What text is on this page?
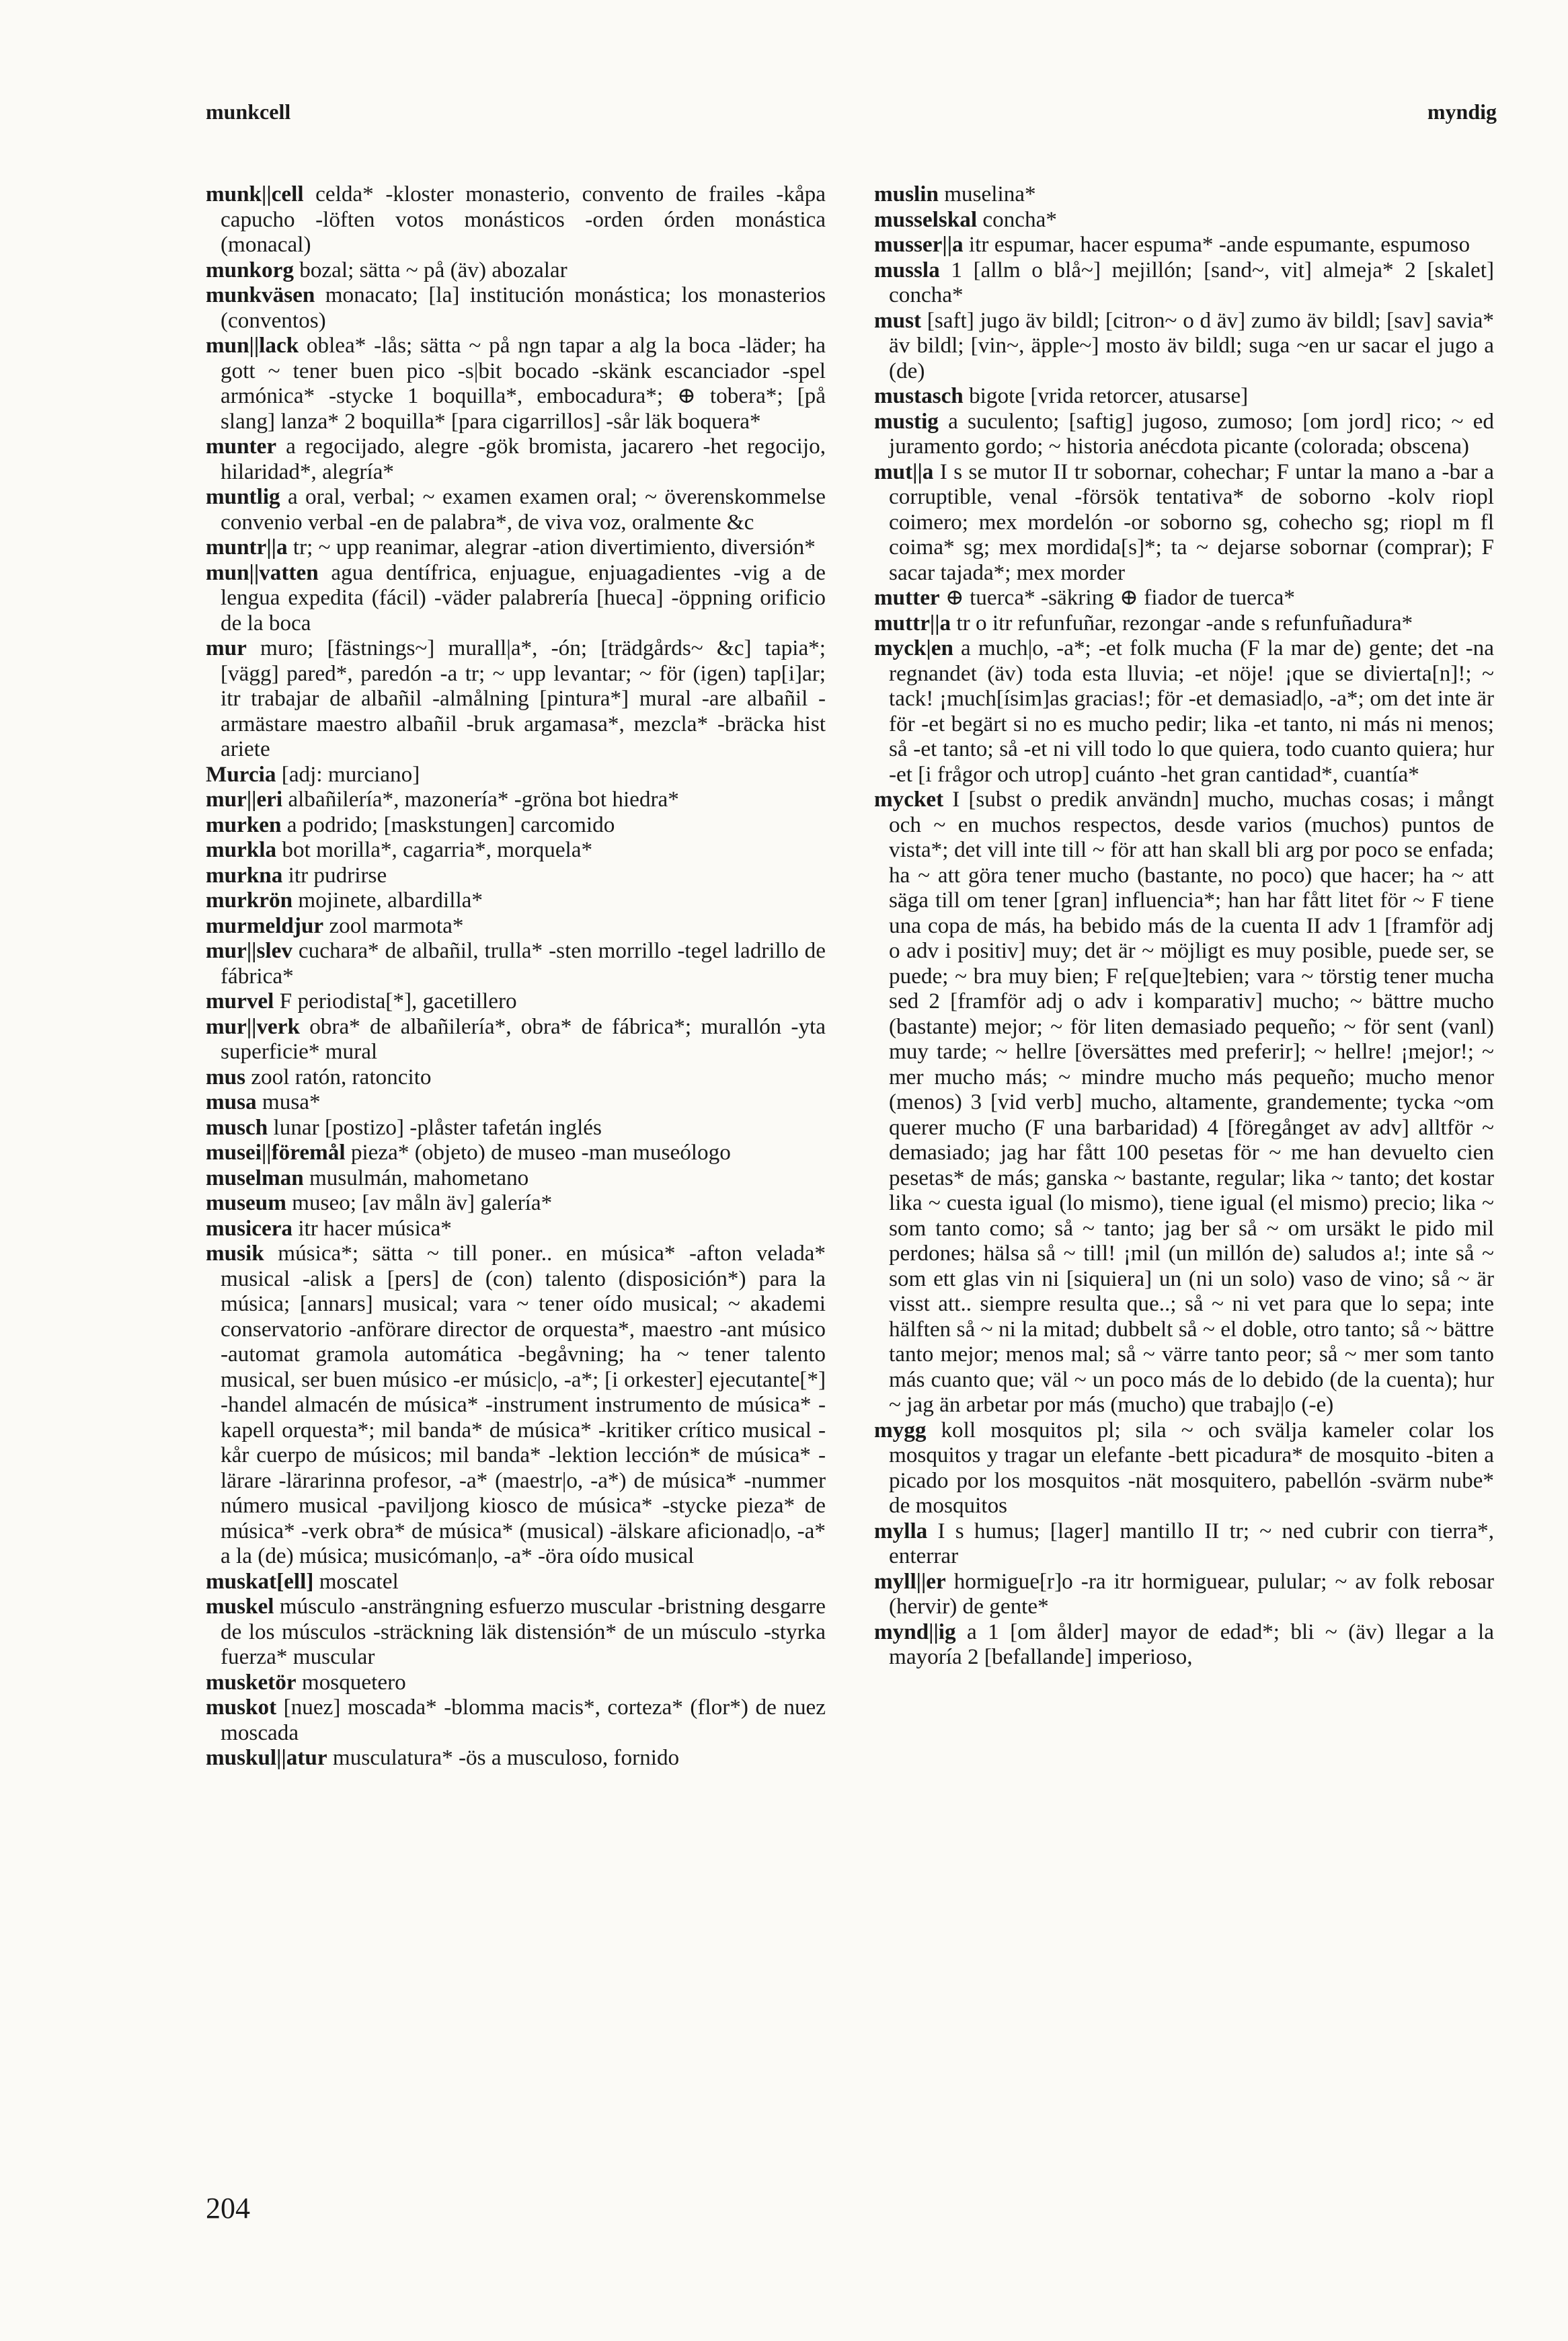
munkcell	myndig

munk||cell celda* -kloster monasterio, convento de frailes -kåpa capucho -löften votos monásticos -orden órden monástica (monacal)

munkorg bozal; sätta ~ på (äv) abozalar

munkväsen monacato; [la] institución monástica; los monasterios (conventos)

mun||lack oblea* -lås; sätta ~ på ngn tapar a alg la boca -läder; ha gott ~ tener buen pico -s|bit bocado -skänk escanciador -spel armónica* -stycke 1 boquilla*, embocadura*; ⊕ tobera*; [på slang] lanza* 2 boquilla* [para cigarrillos] -sår läk boquera*

munter a regocijado, alegre -gök bromista, jacarero -het regocijo, hilaridad*, alegría*

muntlig a oral, verbal; ~ examen examen oral; ~ överenskommelse convenio verbal -en de palabra*, de viva voz, oralmente &c

muntr||a tr; ~ upp reanimar, alegrar -ation divertimiento, diversión*

mun||vatten agua dentífrica, enjuague, enjuagadientes -vig a de lengua expedita (fácil) -väder palabrería [hueca] -öppning orificio de la boca

mur muro; [fästnings~] murall|a*, -ón; [trädgårds~ &c] tapia*; [vägg] pared*, paredón -a tr; ~ upp levantar; ~ för (igen) tap[i]ar; itr trabajar de albañil -almålning [pintura*] mural -are albañil -armästare maestro albañil -bruk argamasa*, mezcla* -bräcka hist ariete

Murcia [adj: murciano]

mur||eri albañilería*, mazonería* -gröna bot hiedra*

murken a podrido; [maskstungen] carcomido

murkla bot morilla*, cagarria*, morquela*

murkna itr pudrirse

murkrön mojinete, albardilla*

murmeldjur zool marmota*

mur||slev cuchara* de albañil, trulla* -sten morrillo -tegel ladrillo de fábrica*

murvel F periodista[*], gacetillero

mur||verk obra* de albañilería*, obra* de fábrica*; murallón -yta superficie* mural

mus zool ratón, ratoncito

musa musa*

musch lunar [postizo] -plåster tafetán inglés

musei||föremål pieza* (objeto) de museo -man museólogo

muselman musulmán, mahometano

museum museo; [av måln äv] galería*

musicera itr hacer música*

musik música*; sätta ~ till poner.. en música* -afton velada* musical -alisk a [pers] de (con) talento (disposición*) para la música; [annars] musical; vara ~ tener oído musical; ~ akademi conservatorio -anförare director de orquesta*, maestro -ant músico -automat gramola automática -begåvning; ha ~ tener talento musical, ser buen músico -er músic|o, -a*; [i orkester] ejecutante[*] -handel almacén de música* -instrument instrumento de música* -kapell orquesta*; mil banda* de música* -kritiker crítico musical -kår cuerpo de músicos; mil banda* -lektion lección* de música* -lärare -lärarinna profesor, -a* (maestr|o, -a*) de música* -nummer número musical -paviljong kiosco de música* -stycke pieza* de música* -verk obra* de música* (musical) -älskare aficionad|o, -a* a la (de) música; musicóman|o, -a* -öra oído musical

muskat[ell] moscatel

muskel músculo -ansträngning esfuerzo muscular -bristning desgarre de los músculos -sträckning läk distensión* de un músculo -styrka fuerza* muscular

musketör mosquetero

muskot [nuez] moscada* -blomma macis*, corteza* (flor*) de nuez moscada

muskul||atur musculatura* -ös a musculoso, fornido

muslin muselina*

musselskal concha*

musser||a itr espumar, hacer espuma* -ande espumante, espumoso

mussla 1 [allm o blå~] mejillón; [sand~, vit] almeja* 2 [skalet] concha*

must [saft] jugo äv bildl; [citron~ o d äv] zumo äv bildl; [sav] savia* äv bildl; [vin~, äpple~] mosto äv bildl; suga ~en ur sacar el jugo a (de)

mustasch bigote [vrida retorcer, atusarse]

mustig a suculento; [saftig] jugoso, zumoso; [om jord] rico; ~ ed juramento gordo; ~ historia anécdota picante (colorada; obscena)

mut||a I s se mutor II tr sobornar, cohechar; F untar la mano a -bar a corruptible, venal -försök tentativa* de soborno -kolv riopl coimero; mex mordelón -or soborno sg, cohecho sg; riopl m fl coima* sg; mex mordida[s]*; ta ~ dejarse sobornar (comprar); F sacar tajada*; mex morder

mutter ⊕ tuerca* -säkring ⊕ fiador de tuerca*

muttr||a tr o itr refunfuñar, rezongar -ande s refunfuñadura*

myck|en a much|o, -a*; -et folk mucha (F la mar de) gente; det -na regnandet (äv) toda esta lluvia; -et nöje! ¡que se divierta[n]!; ~ tack! ¡much[ísim]as gracias!; för -et demasiad|o, -a*; om det inte är för -et begärt si no es mucho pedir; lika -et tanto, ni más ni menos; så -et tanto; så -et ni vill todo lo que quiera, todo cuanto quiera; hur -et [i frågor och utrop] cuánto -het gran cantidad*, cuantía*

mycket I [subst o predik användn] mucho, muchas cosas; i mångt och ~ en muchos respectos, desde varios (muchos) puntos de vista*; det vill inte till ~ för att han skall bli arg por poco se enfada; ha ~ att göra tener mucho (bastante, no poco) que hacer; ha ~ att säga till om tener [gran] influencia*; han har fått litet för ~ F tiene una copa de más, ha bebido más de la cuenta II adv 1 [framför adj o adv i positiv] muy; det är ~ möjligt es muy posible, puede ser, se puede; ~ bra muy bien; F re[que]tebien; vara ~ törstig tener mucha sed 2 [framför adj o adv i komparativ] mucho; ~ bättre mucho (bastante) mejor; ~ för liten demasiado pequeño; ~ för sent (vanl) muy tarde; ~ hellre [översättes med preferir]; ~ hellre! ¡mejor!; ~ mer mucho más; ~ mindre mucho más pequeño; mucho menor (menos) 3 [vid verb] mucho, altamente, grandemente; tycka ~om querer mucho (F una barbaridad) 4 [föregånget av adv] alltför ~ demasiado; jag har fått 100 pesetas för ~ me han devuelto cien pesetas* de más; ganska ~ bastante, regular; lika ~ tanto; det kostar lika ~ cuesta igual (lo mismo), tiene igual (el mismo) precio; lika ~ som tanto como; så ~ tanto; jag ber så ~ om ursäkt le pido mil perdones; hälsa så ~ till! ¡mil (un millón de) saludos a!; inte så ~ som ett glas vin ni [siquiera] un (ni un solo) vaso de vino; så ~ är visst att.. siempre resulta que..; så ~ ni vet para que lo sepa; inte hälften så ~ ni la mitad; dubbelt så ~ el doble, otro tanto; så ~ bättre tanto mejor; menos mal; så ~ värre tanto peor; så ~ mer som tanto más cuanto que; väl ~ un poco más de lo debido (de la cuenta); hur ~ jag än arbetar por más (mucho) que trabaj|o (-e)

mygg koll mosquitos pl; sila ~ och svälja kameler colar los mosquitos y tragar un elefante -bett picadura* de mosquito -biten a picado por los mosquitos -nät mosquitero, pabellón -svärm nube* de mosquitos

mylla I s humus; [lager] mantillo II tr; ~ ned cubrir con tierra*, enterrar

myll||er hormigue[r]o -ra itr hormiguear, pulular; ~ av folk rebosar (hervir) de gente*

mynd||ig a 1 [om ålder] mayor de edad*; bli ~ (äv) llegar a la mayoría 2 [befallande] imperioso,

204
